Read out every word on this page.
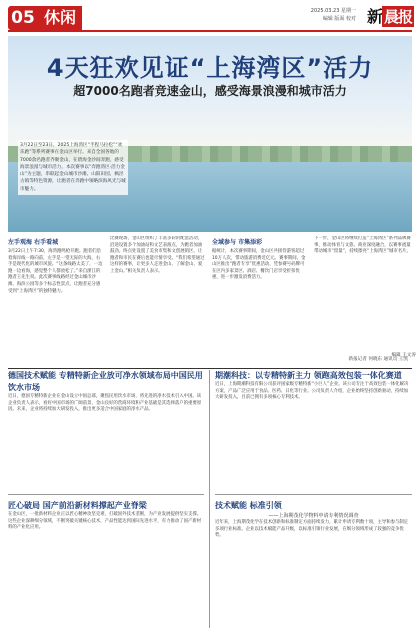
05 休闲	2025.03.23 星期一
编辑 版面 校对 新 晨报
4天狂欢见证“上海湾区”活力
超7000名跑者竞速金山，感受海景浪漫和城市活力
3月22日至23日，2025上海湾区“半程马拉松”“欢乐跑”等系列赛事在金山区举行。来自全国各地的7000余名跑者齐聚金山，在碧海金沙间奔跑，感受海景浪漫与城市活力。本次赛事以“奔跑湾区·活力金山”为主题，串联起金山城市沙滩、山阳田园、枫泾古镇等特色资源，让跑者在奔跑中领略滨海风光与城市魅力。
左手观海 右手看城
3月22日上午7:30，海湾跑鸣枪开跑。跑者们沿着海岸线一路向前，左手是一望无际的大海，右手是现代化的城市风貌。“这条线路太美了，一边跑一边看海，感觉整个人都放松了。”来自浙江的跑者王先生说。此次赛事线路经过金山城市沙滩、海滨公园等多个标志性景点，让跑者充分感受到“上海湾区”的独特魅力。
比赛现场，金山区组织了丰富多彩的配套活动，沿途设置多个加油站和文艺表演点，为跑者加油鼓劲。终点处设置了美食市集和文创展销区，让跑者和市民在赛后也能尽情享受。“我们希望通过这样的赛事，让更多人走进金山、了解金山、爱上金山。”相关负责人表示。
全域参与 市集添彩
据统计，本次赛事期间，金山区共接待游客超过10万人次，带动旅游消费近亿元。赛事期间，金山区推出“跑者专享”优惠活动，凭参赛号码牌可在区内多家景区、酒店、餐饮门店享受折扣优惠，进一步激发消费活力。
下一步，金山区将继续打造“上海湾区”系列品牌赛事，推动体育与文旅、商业深度融合，以赛事流量带动城市“留量”，持续擦亮“上海湾区”城市名片。
新报记者 何晓东 通讯员 王凯
德国技术赋能 专精特新企业放可净水领域布局中国民用饮水市场
近日，德国专精特新企业在金山设立中国总部，聚焦民用饮水市场，将先进的净水技术引入中国。该企业负责人表示，看好中国市场的广阔前景，金山良好的营商环境和产业基础是其选择落户的重要原因。未来，企业将持续加大研发投入，推出更多适合中国家庭的净水产品。
期潮科技：以专精特新主力 领跑高效包装一体化赛道
近日，上海期潮科技有限公司获评国家级专精特新“小巨人”企业。该公司专注于高效包装一体化解决方案，产品广泛应用于食品、医药、日化等行业。公司负责人介绍，企业始终坚持创新驱动，持续加大研发投入，目前已拥有多项核心专利技术。
匠心破局 国产前沿新材料撑起产业脊梁
在金山区，一批新材料企业正以匠心精神攻坚克难，打破国外技术垄断，为产业发展提供坚实支撑。这些企业深耕细分领域，不断突破关键核心技术，产品性能达到国际先进水平，有力推动了国产新材料的产业化应用。
技术赋能 标准引领
——上海期茂化学物料申请专利情况调查
近年来，上海期茂化学在技术创新和标准制定方面持续发力，累计申请专利数十项，主导和参与制定多项行业标准。企业以技术赋能产品升级，以标准引领行业发展，在细分领域形成了较强的竞争优势。
编辑 王文涛
